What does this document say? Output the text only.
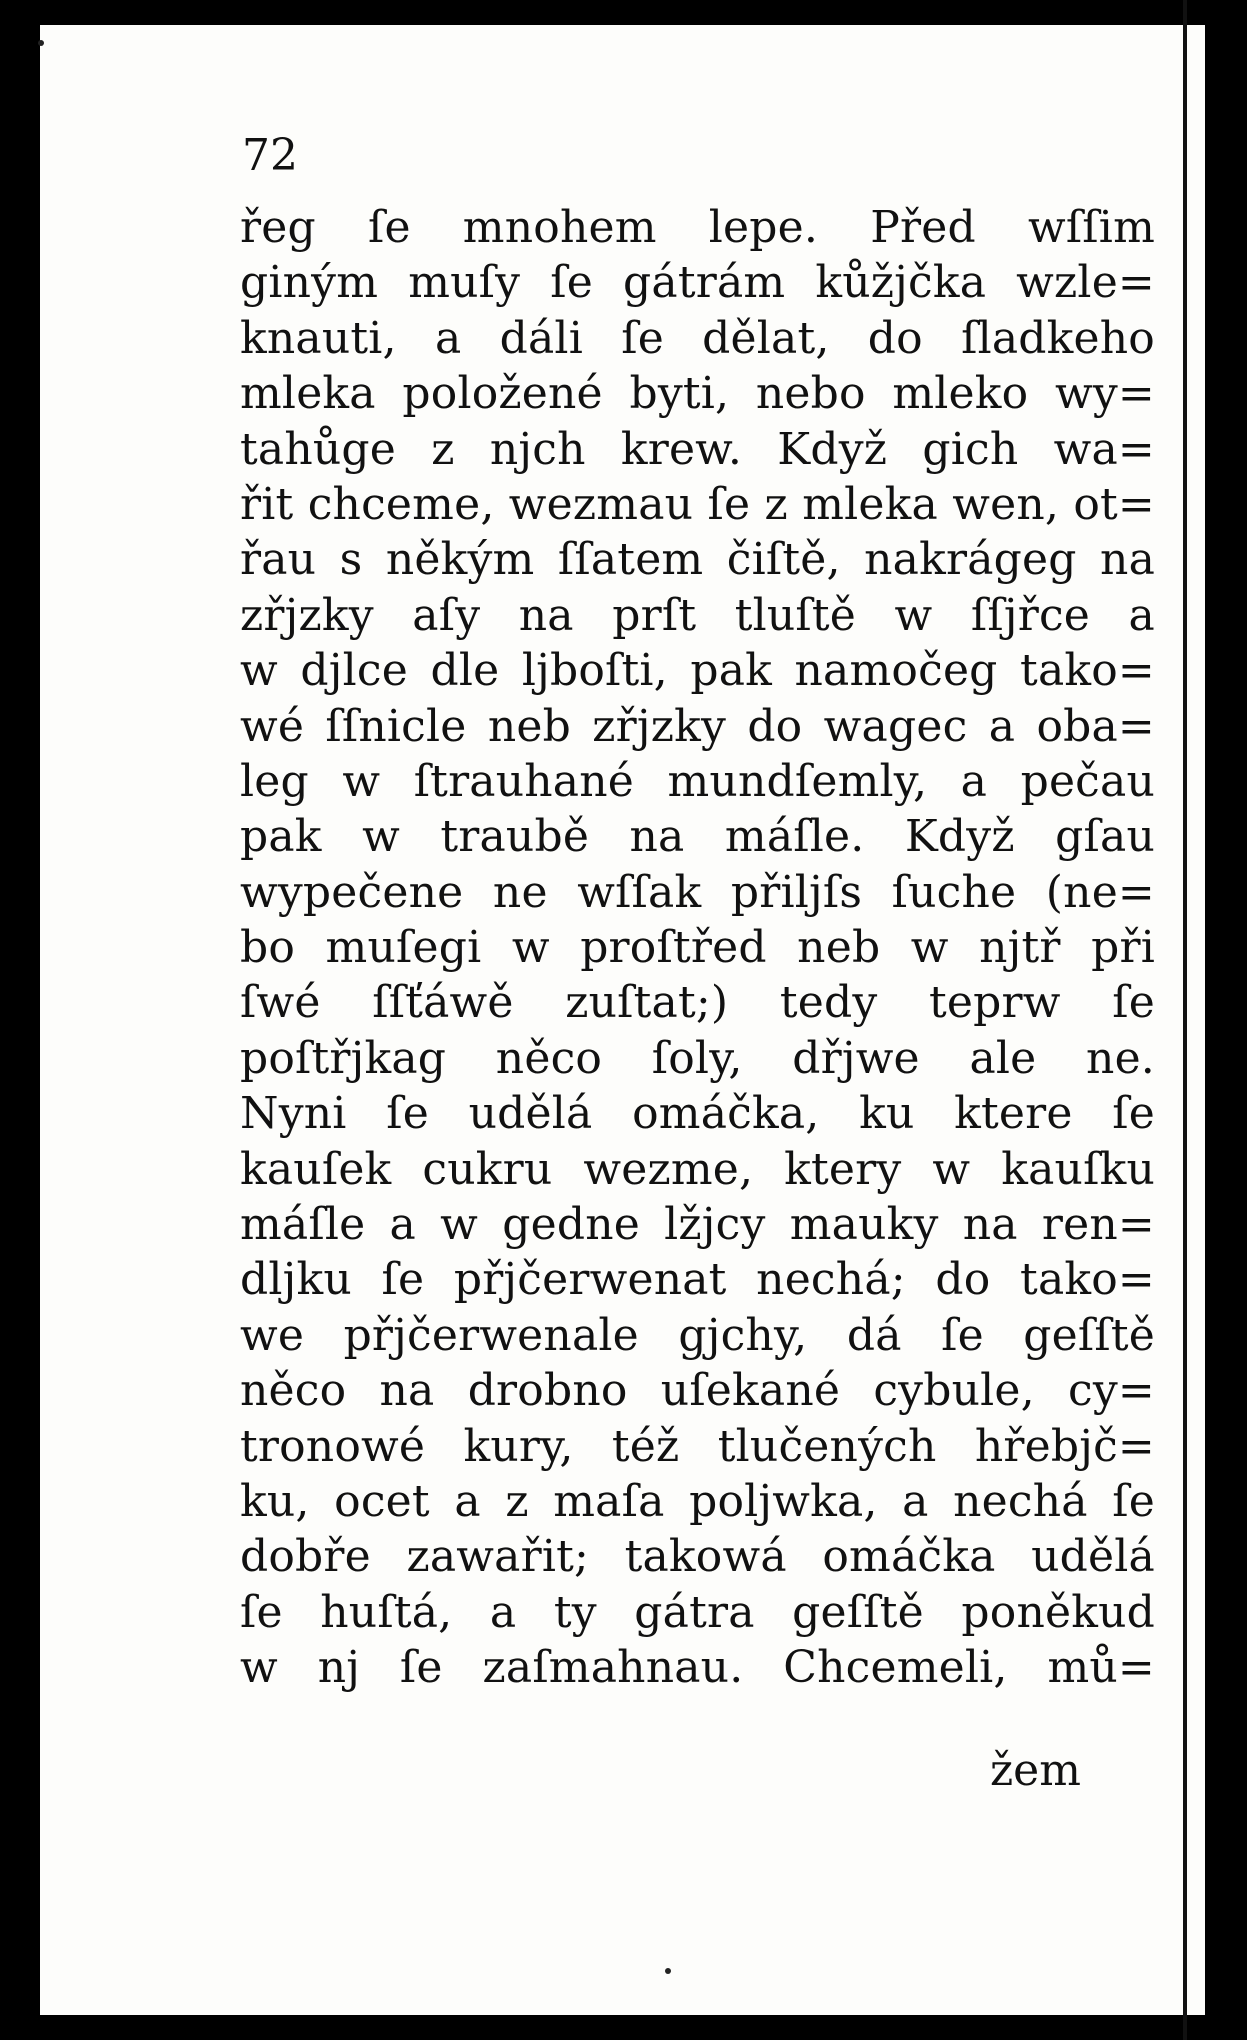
72
řeg ſe mnohem lepe. Před wſſim
giným muſy ſe gátrám kůžjčka wzle=
knauti, a dáli ſe dělat, do ſladkeho
mleka položené byti, nebo mleko wy=
tahůge z njch krew. Když gich wa=
řit chceme, wezmau ſe z mleka wen, ot=
řau s někým ſſatem čiſtě, nakrágeg na
zřjzky aſy na prſt tluſtě w ſſjřce a
w djlce dle ljboſti, pak namočeg tako=
wé ſſnicle neb zřjzky do wagec a oba=
leg w ſtrauhané mundſemly, a pečau
pak w traubě na máſle. Když gſau
wypečene ne wſſak přiljſs ſuche (ne=
bo muſegi w proſtřed neb w njtř při
ſwé ſſťáwě zuſtat;) tedy teprw ſe
poſtřjkag něco ſoly, dřjwe ale ne.
Nyni ſe udělá omáčka, ku ktere ſe
kauſek cukru wezme, ktery w kauſku
máſle a w gedne lžjcy mauky na ren=
dljku ſe přjčerwenat nechá; do tako=
we přjčerwenale gjchy, dá ſe geſſtě
něco na drobno uſekané cybule, cy=
tronowé kury, též tlučených hřebjč=
ku, ocet a z maſa poljwka, a nechá ſe
dobře zawařit; takowá omáčka udělá
ſe huſtá, a ty gátra geſſtě poněkud
w nj ſe zaſmahnau. Chcemeli, mů=
žem
